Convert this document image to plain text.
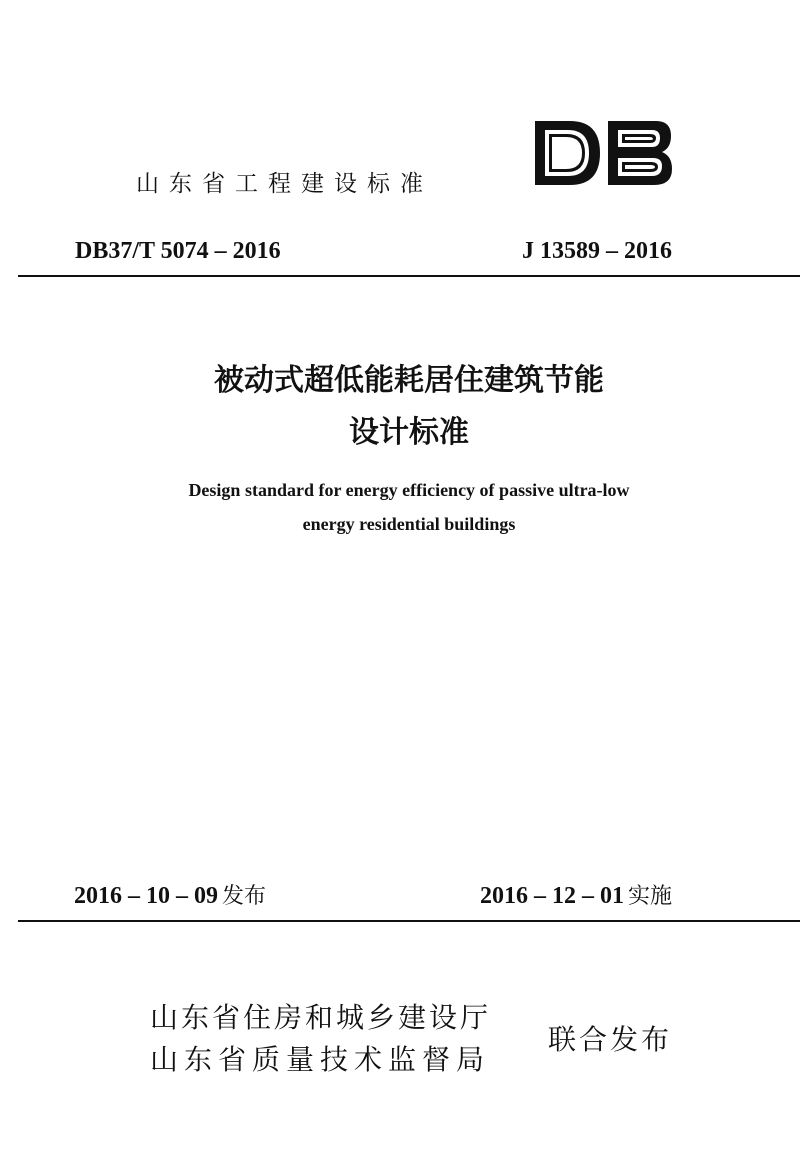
山东省工程建设标准
DB37/T 5074 – 2016	J 13589 – 2016
被动式超低能耗居住建筑节能
设计标准
Design standard for energy efficiency of passive ultra-low
energy residential buildings
2016 – 10 – 09 发布	2016 – 12 – 01 实施
山东省住房和城乡建设厅
山东省质量技术监督局
联合发布
